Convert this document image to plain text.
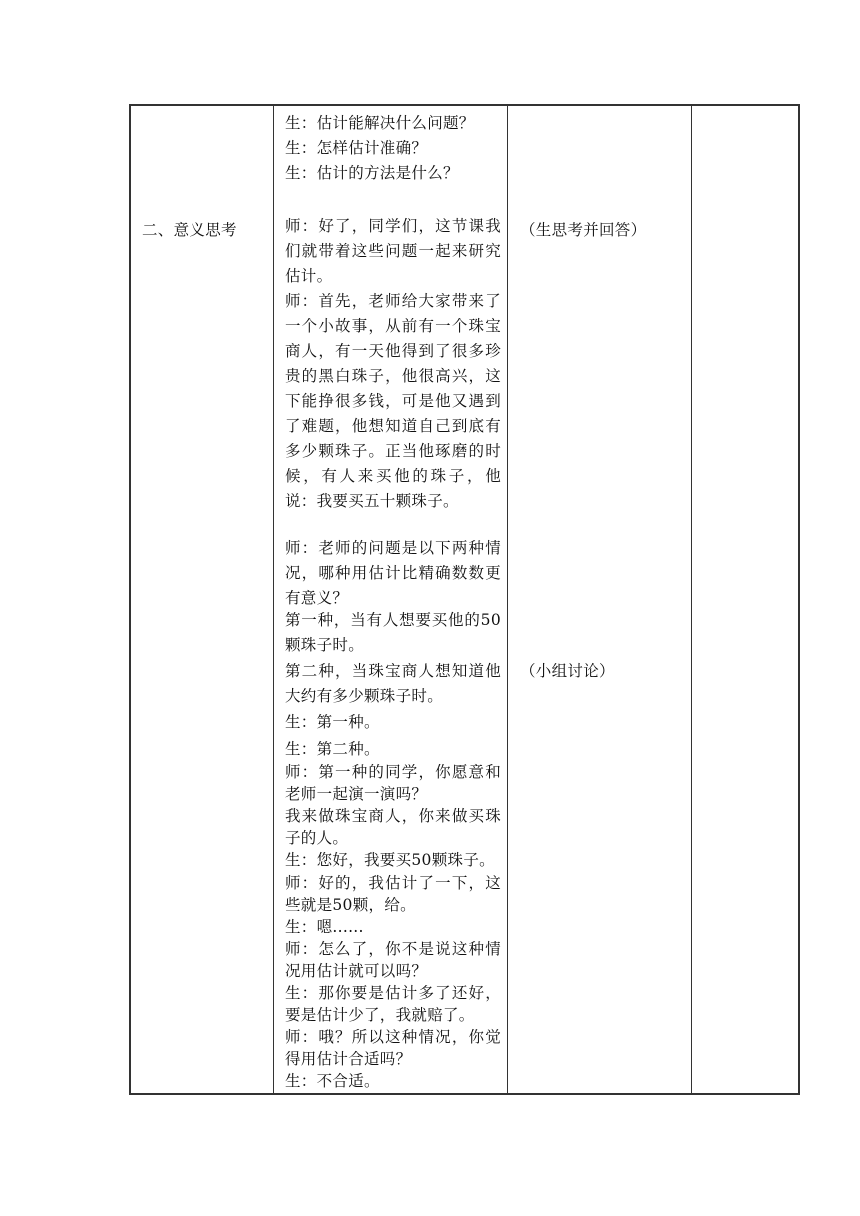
二、意义思考

生：估计能解决什么问题？

生：怎样估计准确？

生：估计的方法是什么？

师：好了，同学们，这节课我们就带着这些问题一起来研究估计。

师：首先，老师给大家带来了一个小故事，从前有一个珠宝商人，有一天他得到了很多珍贵的黑白珠子，他很高兴，这下能挣很多钱，可是他又遇到了难题，他想知道自己到底有多少颗珠子。正当他琢磨的时候，有人来买他的珠子，他说：我要买五十颗珠子。

师：老师的问题是以下两种情况，哪种用估计比精确数数更有意义？

第一种，当有人想要买他的50颗珠子时。

第二种，当珠宝商人想知道他大约有多少颗珠子时。

生：第一种。

生：第二种。

师：第一种的同学，你愿意和老师一起演一演吗？

我来做珠宝商人，你来做买珠子的人。

生：您好，我要买50颗珠子。

师：好的，我估计了一下，这些就是50颗，给。

生：嗯......

师：怎么了，你不是说这种情况用估计就可以吗？

生：那你要是估计多了还好，要是估计少了，我就赔了。

师：哦？所以这种情况，你觉得用估计合适吗？

生：不合适。

（生思考并回答）

（小组讨论）
